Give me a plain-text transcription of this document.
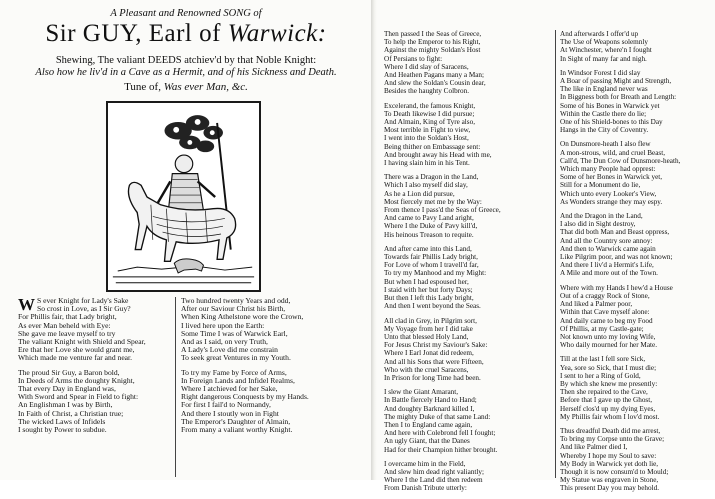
A Pleasant and Renowned SONG of
Sir GUY, Earl of Warwick:
Shewing, The valiant DEEDS atchiev'd by that Noble Knight:
Also how he liv'd in a Cave as a Hermit, and of his Sickness and Death.
Tune of, Was ever Man, &c.
W S ever Knight for Lady's Sake
So crost in Love, as I Sir Guy?
For Phillis fair, that Lady bright,
As ever Man beheld with Eye:
She gave me leave myself to try
The valiant Knight with Shield and Spear,
Ere that her Love she would grant me,
Which made me venture far and near.
The proud Sir Guy, a Baron bold,
In Deeds of Arms the doughty Knight,
That every Day in England was,
With Sword and Spear in Field to fight:
An Englishman I was by Birth,
In Faith of Christ, a Christian true;
The wicked Laws of Infidels
I sought by Power to subdue.
Two hundred twenty Years and odd,
After our Saviour Christ his Birth,
When King Athelstone wore the Crown,
I lived here upon the Earth:
Some Time I was of Warwick Earl,
And as I said, on very Truth,
A Lady's Love did me constrain
To seek great Ventures in my Youth.
To try my Fame by Force of Arms,
In Foreign Lands and Infidel Realms,
Where I atchieved for her Sake,
Right dangerous Conquests by my Hands.
For first I fail'd to Normandy,
And there I stoutly won in Fight
The Emperor's Daughter of Almain,
From many a valiant worthy Knight.
Then passed I the Seas of Greece,
To help the Emperor to his Right,
Against the mighty Soldan's Host
Of Persians to fight:
Where I did slay of Saracens,
And Heathen Pagans many a Man;
And slew the Soldan's Cousin dear,
Besides the haughty Colbron.
Excelerand, the famous Knight,
To Death likewise I did pursue;
And Almain, King of Tyre also,
Most terrible in Fight to view,
I went into the Soldan's Host,
Being thither on Embassage sent:
And brought away his Head with me,
I having slain him in his Tent.
There was a Dragon in the Land,
Which I also myself did slay,
As he a Lion did pursue,
Most fiercely met me by the Way:
From thence I pass'd the Seas of Greece,
And came to Pavy Land aright,
Where I the Duke of Pavy kill'd,
His heinous Treason to requite.
And after came into this Land,
Towards fair Phillis Lady bright,
For Love of whom I travell'd far,
To try my Manhood and my Might:
But when I had espoused her,
I staid with her but forty Days;
But then I left this Lady bright,
And then I went beyond the Seas.
All clad in Grey, in Pilgrim sort,
My Voyage from her I did take
Unto that blessed Holy Land,
For Jesus Christ my Saviour's Sake:
Where I Earl Jonat did redeem,
And all his Sons that were Fifteen,
Who with the cruel Saracens,
In Prison for long Time had been.
I slew the Giant Amarant,
In Battle fiercely Hand to Hand;
And doughty Barknard killed I,
The mighty Duke of that same Land:
Then I to England came again,
And here with Colebrond fell I fought;
An ugly Giant, that the Danes
Had for their Champion hither brought.
I overcame him in the Field,
And slew him dead right valiantly;
Where I the Land did then redeem
From Danish Tribute utterly:
And afterwards I offer'd up
The Use of Weapons solemnly
At Winchester, where'n I fought
In Sight of many far and nigh.
In Windsor Forest I did slay
A Boar of passing Might and Strength,
The like in England never was
In Biggness both for Breath and Length:
Some of his Bones in Warwick yet
Within the Castle there do lie;
One of his Shield-bones to this Day
Hangs in the City of Coventry.
On Dunsmore-heath I also flew
A mon-strous, wild, and cruel Beast,
Call'd, The Dun Cow of Dunsmore-heath,
Which many People had opprest:
Some of her Bones in Warwick yet,
Still for a Monument do lie,
Which unto every Looker's View,
As Wonders strange they may espy.
And the Dragon in the Land,
I also did in Sight destroy,
That did both Man and Beast oppress,
And all the Country sore annoy:
And then to Warwick came again
Like Pilgrim poor, and was not known;
And there I liv'd a Hermit's Life,
A Mile and more out of the Town.
Where with my Hands I hew'd a House
Out of a craggy Rock of Stone,
And liked a Palmer poor,
Within that Cave myself alone:
And daily came to beg my Food
Of Phillis, at my Castle-gate;
Not known unto my loving Wife,
Who daily mourned for her Mate.
Till at the last I fell sore Sick,
Yea, sore so Sick, that I must die;
I sent to her a Ring of Gold,
By which she knew me presently:
Then she repaired to the Cave,
Before that I gave up the Ghost,
Herself clos'd up my dying Eyes,
My Phillis fair whom I lov'd most.
Thus dreadful Death did me arrest,
To bring my Corpse unto the Grave;
And like Palmer died I,
Whereby I hope my Soul to save:
My Body in Warwick yet doth lie,
Though it is now consum'd to Mould;
My Statue was engraven in Stone,
This present Day you may behold.
